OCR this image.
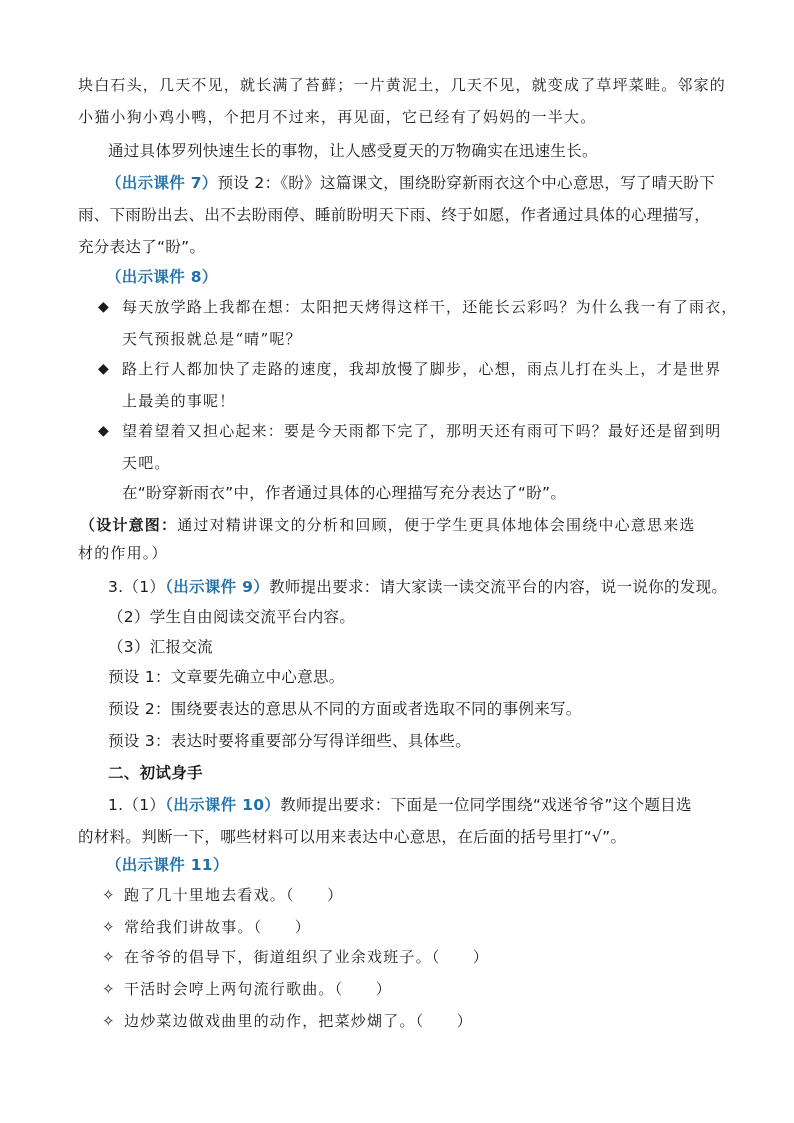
块白石头，几天不见，就长满了苔藓；一片黄泥土，几天不见，就变成了草坪菜畦。邻家的
小猫小狗小鸡小鸭，个把月不过来，再见面，它已经有了妈妈的一半大。
通过具体罗列快速生长的事物，让人感受夏天的万物确实在迅速生长。
（出示课件 7）预设 2：《盼》这篇课文，围绕盼穿新雨衣这个中心意思，写了晴天盼下
雨、下雨盼出去、出不去盼雨停、睡前盼明天下雨、终于如愿，作者通过具体的心理描写，
充分表达了“盼”。
（出示课件 8）
◆ 每天放学路上我都在想：太阳把天烤得这样干，还能长云彩吗？为什么我一有了雨衣，
天气预报就总是“晴”呢？
◆ 路上行人都加快了走路的速度，我却放慢了脚步，心想，雨点儿打在头上，才是世界
上最美的事呢！
◆ 望着望着又担心起来：要是今天雨都下完了，那明天还有雨可下吗？最好还是留到明
天吧。
在“盼穿新雨衣”中，作者通过具体的心理描写充分表达了“盼”。
（设计意图：通过对精讲课文的分析和回顾，便于学生更具体地体会围绕中心意思来选
材的作用。）
3.（1）（出示课件 9）教师提出要求：请大家读一读交流平台的内容，说一说你的发现。
（2）学生自由阅读交流平台内容。
（3）汇报交流
预设 1：文章要先确立中心意思。
预设 2：围绕要表达的意思从不同的方面或者选取不同的事例来写。
预设 3：表达时要将重要部分写得详细些、具体些。
二、初试身手
1.（1）（出示课件 10）教师提出要求：下面是一位同学围绕“戏迷爷爷”这个题目选
的材料。判断一下，哪些材料可以用来表达中心意思，在后面的括号里打“√”。
（出示课件 11）
✧ 跑了几十里地去看戏。（　　）
✧ 常给我们讲故事。（　　）
✧ 在爷爷的倡导下，街道组织了业余戏班子。（　　）
✧ 干活时会哼上两句流行歌曲。（　　）
✧ 边炒菜边做戏曲里的动作，把菜炒煳了。（　　）
